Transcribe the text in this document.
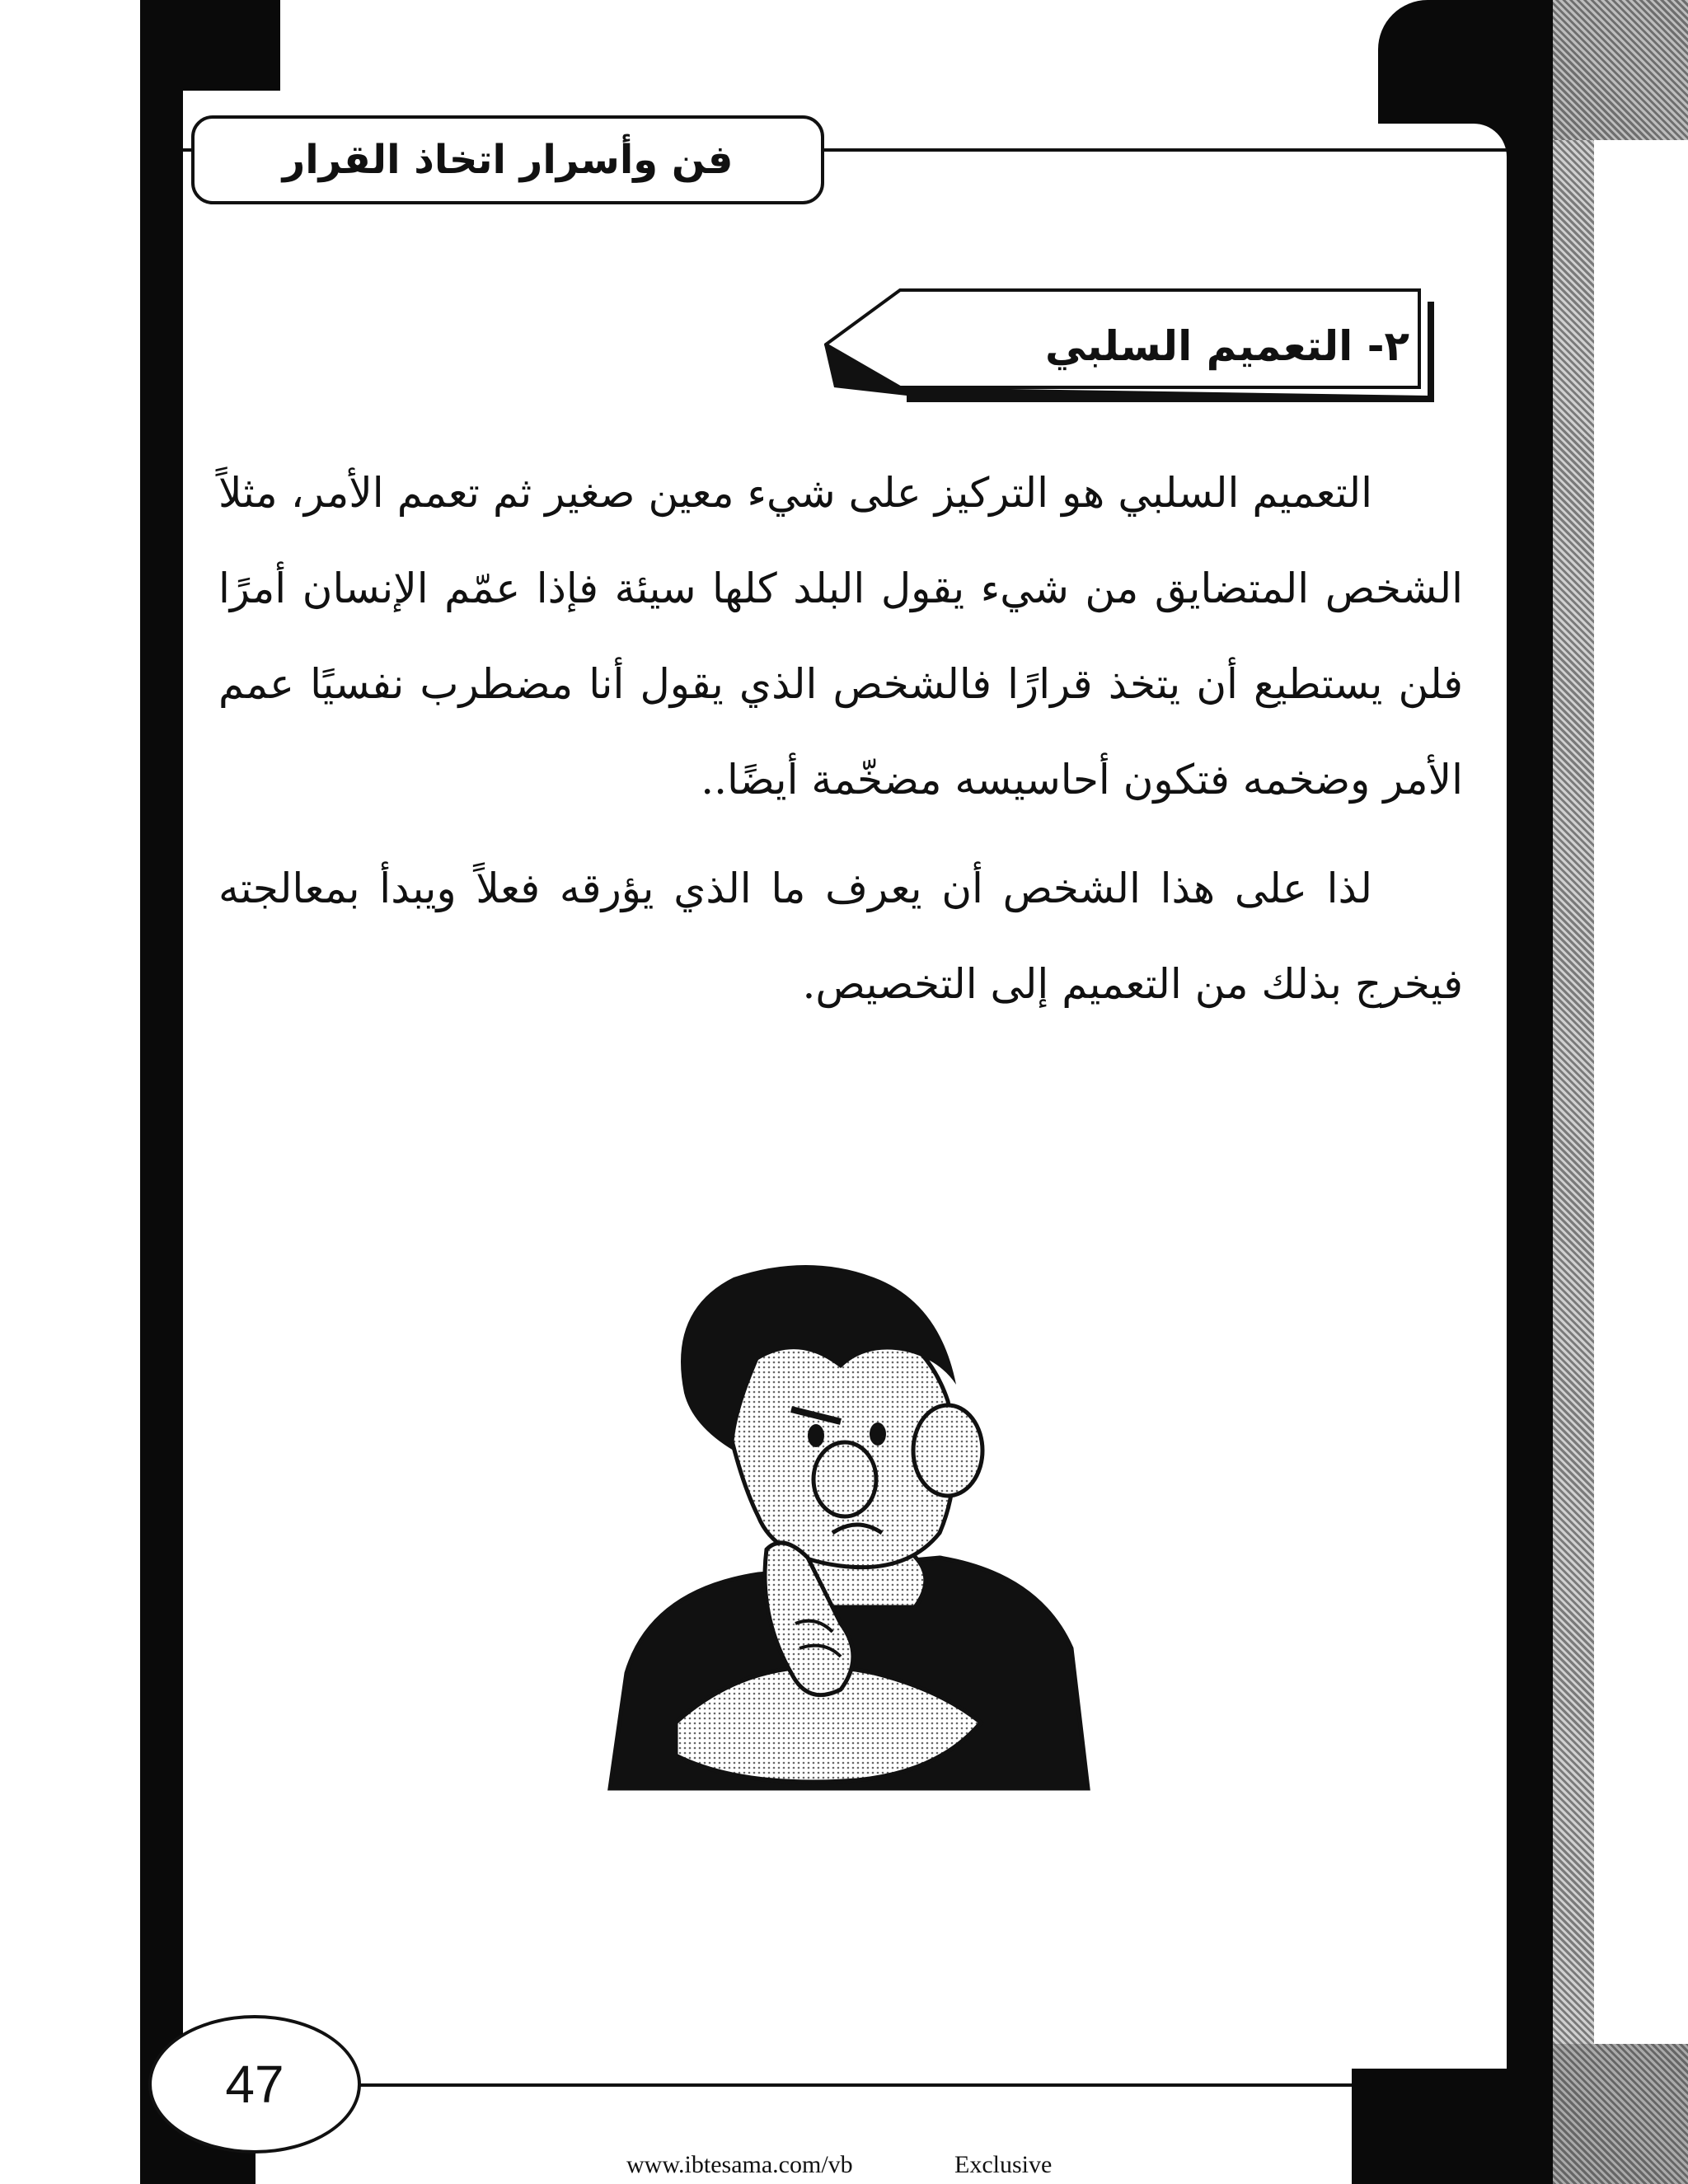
فن وأسرار اتخاذ القرار
٢- التعميم السلبي

التعميم السلبي هو التركيز على شيء معين صغير ثم تعمم الأمر، مثلاً الشخص المتضايق من شيء يقول البلد كلها سيئة فإذا عمّم الإنسان أمرًا فلن يستطيع أن يتخذ قرارًا فالشخص الذي يقول أنا مضطرب نفسيًا عمم الأمر وضخمه فتكون أحاسيسه مضخّمة أيضًا..

لذا على هذا الشخص أن يعرف ما الذي يؤرقه فعلاً ويبدأ بمعالجته فيخرج بذلك من التعميم إلى التخصيص.

47
www.ibtesama.com/vb	Exclusive
